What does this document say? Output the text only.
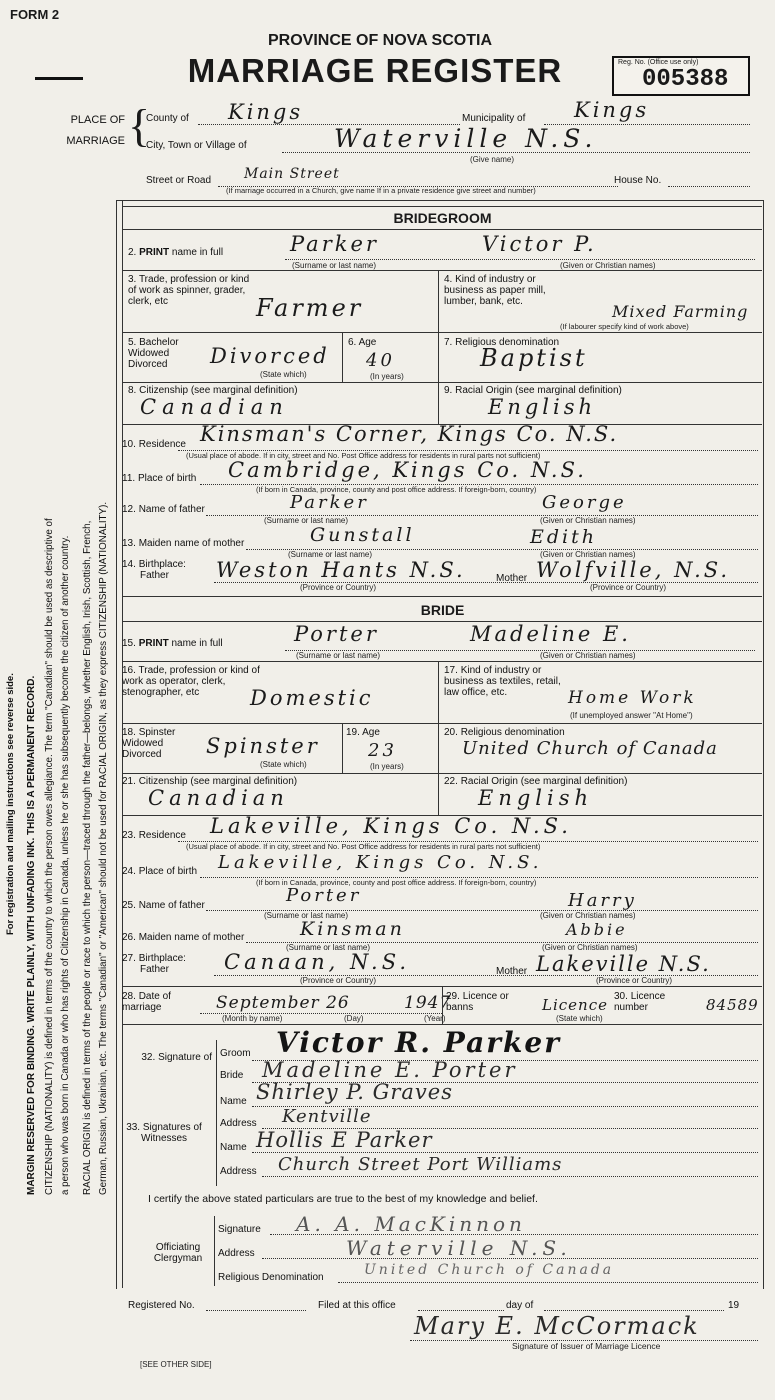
FORM 2
PROVINCE OF NOVA SCOTIA
MARRIAGE REGISTER	Reg. No. (Office use only)
005388
PLACE OF
MARRIAGE {
County of Kings	Municipality of Kings
City, Town or Village of	Waterville N.S.
(Give name)
Street or Road Main Street	House No.
(If marriage occurred in a Church, give name If in a private residence give street and number)
For registration and mailing instructions see reverse side. MARGIN RESERVED FOR BINDING. WRITE PLAINLY, WITH UNFADING INK. THIS IS A PERMANENT RECORD. CITIZENSHIP (NATIONALITY) is defined in terms of the country to which the person owes allegiance. The term "Canadian" should be used as descriptive of a person who was born in Canada or who has rights of Citizenship in Canada, unless he or she has subsequently become the citizen of another country. RACIAL ORIGIN is defined in terms of the people or race to which the person—traced through the father—belongs, whether English, Irish, Scottish, French, German, Russian, Ukrainian, etc. The terms "Canadian" or "American" should not be used for RACIAL ORIGIN, as they express CITIZENSHIP (NATIONALITY).
BRIDEGROOM
2. PRINT name in full	Parker	Victor P.
(Surname or last name)	(Given or Christian names)
3. Trade, profession or kind of work as spinner, grader, clerk, etc	Farmer
4. Kind of industry or business as paper mill, lumber, bank, etc.
Mixed Farming
(If labourer specify kind of work above)
5. Bachelor Widowed Divorced	Divorced
(State which)
6. Age
40
(In years)
7. Religious denomination
Baptist
8. Citizenship (see marginal definition)
Canadian
9. Racial Origin (see marginal definition)
English
10. Residence Kinsman's Corner, Kings Co. N.S.
(Usual place of abode. If in city, street and No. Post Office address for residents in rural parts not sufficient)
11. Place of birth Cambridge, Kings Co. N.S.
(If born in Canada, province, county and post office address. If foreign-born, country)
12. Name of father	Parker	George
(Surname or last name)	(Given or Christian names)
13. Maiden name of mother	Gunstall	Edith
(Surname or last name)	(Given or Christian names)
14. Birthplace:
Father	Weston Hants N.S.	Mother Wolfville, N.S.
(Province or Country)	(Province or Country)
BRIDE
15. PRINT name in full	Porter	Madeline E.
(Surname or last name)	(Given or Christian names)
16. Trade, profession or kind of work as operator, clerk, stenographer, etc	Domestic
17. Kind of industry or business as textiles, retail, law office, etc.	Home Work
(If unemployed answer "At Home")
18. Spinster Widowed Divorced	Spinster
(State which)
19. Age
23
(In years)
20. Religious denomination
United Church of Canada
21. Citizenship (see marginal definition)
Canadian
22. Racial Origin (see marginal definition)
English
23. Residence Lakeville, Kings Co. N.S.
(Usual place of abode. If in city, street and No. Post Office address for residents in rural parts not sufficient)
24. Place of birth Lakeville, Kings Co. N.S.
(If born in Canada, province, county and post office address. If foreign-born, country)
25. Name of father	Porter	Harry
(Surname or last name)	(Given or Christian names)
26. Maiden name of mother	Kinsman	Abbie
(Surname or last name)	(Given or Christian names)
27. Birthplace:
Father	Canaan, N.S.	Mother Lakeville N.S.
(Province or Country)	(Province or Country)
28. Date of marriage	September 26	1947
(Month by name)	(Day)	(Year)
29. Licence or banns	Licence
(State which)
30. Licence number	84589
32. Signature of Groom Victor R. Parker
Bride Madeline E. Porter
33. Signatures of Witnesses
Name Shirley P. Graves
Address Kentville
Name Hollis E Parker
Address Church Street Port Williams
I certify the above stated particulars are true to the best of my knowledge and belief.
Officiating Clergyman
Signature A. A. MacKinnon
Address	Waterville N.S.
Religious Denomination	United Church of Canada
Registered No.	Filed at this office	day of	19
Mary E. McCormack
Signature of Issuer of Marriage Licence
[SEE OTHER SIDE]
